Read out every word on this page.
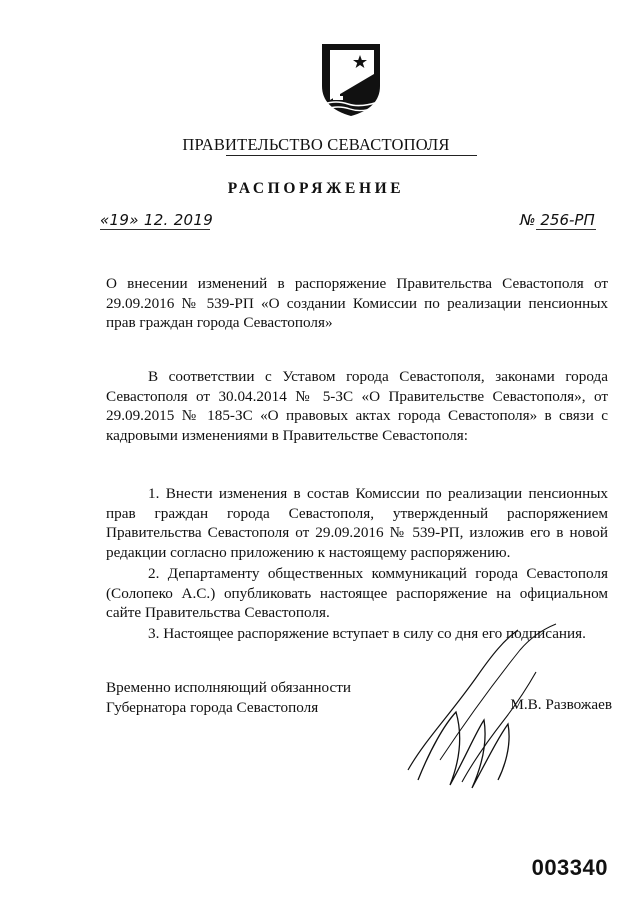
ПРАВИТЕЛЬСТВО СЕВАСТОПОЛЯ
РАСПОРЯЖЕНИЕ
«19» 12. 2019	№ 256-РП
О внесении изменений в распоряжение Правительства Севастополя от 29.09.2016 № 539-РП «О создании Комиссии по реализации пенсионных прав граждан города Севастополя»
В соответствии с Уставом города Севастополя, законами города Севастополя от 30.04.2014 № 5-ЗС «О Правительстве Севастополя», от 29.09.2015 № 185-ЗС «О правовых актах города Севастополя» в связи с кадровыми изменениями в Правительстве Севастополя:
1. Внести изменения в состав Комиссии по реализации пенсионных прав граждан города Севастополя, утвержденный распоряжением Правительства Севастополя от 29.09.2016 № 539-РП, изложив его в новой редакции согласно приложению к настоящему распоряжению.
2. Департаменту общественных коммуникаций города Севастополя (Солопеко А.С.) опубликовать настоящее распоряжение на официальном сайте Правительства Севастополя.
3. Настоящее распоряжение вступает в силу со дня его подписания.
Временно исполняющий обязанности
Губернатора города Севастополя	М.В. Развожаев
003340
